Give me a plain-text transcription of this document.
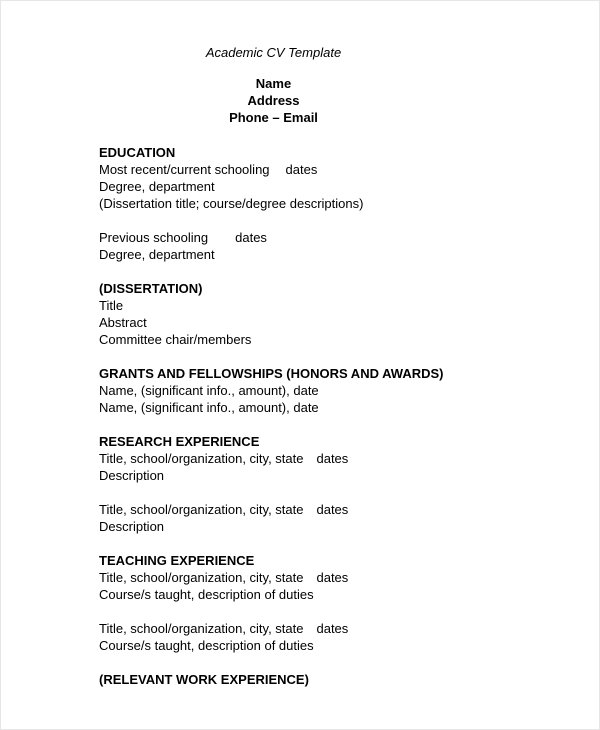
Academic CV Template
Name
Address
Phone – Email
EDUCATION
Most recent/current schooling dates
Degree, department
(Dissertation title; course/degree descriptions)
Previous schooling dates
Degree, department
(DISSERTATION)
Title
Abstract
Committee chair/members
GRANTS AND FELLOWSHIPS (HONORS AND AWARDS)
Name, (significant info., amount), date
Name, (significant info., amount), date
RESEARCH EXPERIENCE
Title, school/organization, city, state dates
Description
Title, school/organization, city, state dates
Description
TEACHING EXPERIENCE
Title, school/organization, city, state dates
Course/s taught, description of duties
Title, school/organization, city, state dates
Course/s taught, description of duties
(RELEVANT WORK EXPERIENCE)
